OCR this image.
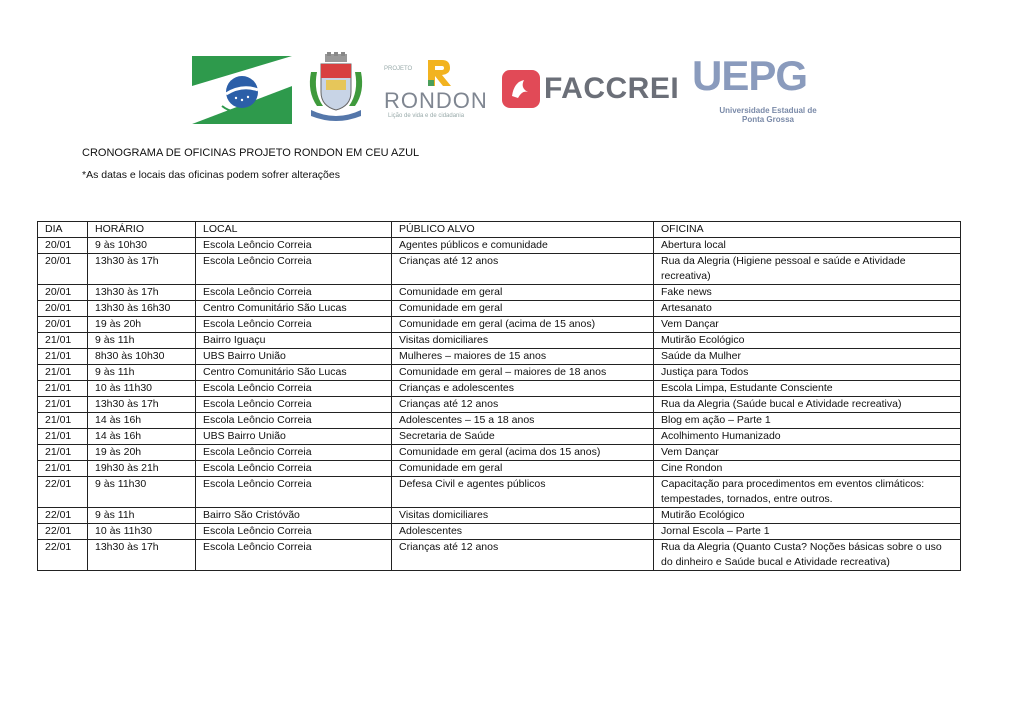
PROJETO
RONDON
Lição de vida e de cidadania
FACCREI UEPG
Universidade Estadual de Ponta Grossa
CRONOGRAMA DE OFICINAS PROJETO RONDON EM CEU AZUL
*As datas e locais das oficinas podem sofrer alterações
DIA	HORÁRIO	LOCAL	PÚBLICO ALVO	OFICINA
20/01	9 às 10h30	Escola Leôncio Correia	Agentes públicos e comunidade	Abertura local
20/01	13h30 às 17h	Escola Leôncio Correia	Crianças até 12 anos	Rua da Alegria (Higiene pessoal e saúde e Atividade recreativa)
20/01	13h30 às 17h	Escola Leôncio Correia	Comunidade em geral	Fake news
20/01	13h30 às 16h30	Centro Comunitário São Lucas	Comunidade em geral	Artesanato
20/01	19 às 20h	Escola Leôncio Correia	Comunidade em geral (acima de 15 anos)	Vem Dançar
21/01	9 às 11h	Bairro Iguaçu	Visitas domiciliares	Mutirão Ecológico
21/01	8h30 às 10h30	UBS Bairro União	Mulheres – maiores de 15 anos	Saúde da Mulher
21/01	9 às 11h	Centro Comunitário São Lucas	Comunidade em geral – maiores de 18 anos	Justiça para Todos
21/01	10 às 11h30	Escola Leôncio Correia	Crianças e adolescentes	Escola Limpa, Estudante Consciente
21/01	13h30 às 17h	Escola Leôncio Correia	Crianças até 12 anos	Rua da Alegria (Saúde bucal e Atividade recreativa)
21/01	14 às 16h	Escola Leôncio Correia	Adolescentes – 15 a 18 anos	Blog em ação – Parte 1
21/01	14 às 16h	UBS Bairro União	Secretaria de Saúde	Acolhimento Humanizado
21/01	19 às 20h	Escola Leôncio Correia	Comunidade em geral (acima dos 15 anos)	Vem Dançar
21/01	19h30 às 21h	Escola Leôncio Correia	Comunidade em geral	Cine Rondon
22/01	9 às 11h30	Escola Leôncio Correia	Defesa Civil e agentes públicos	Capacitação para procedimentos em eventos climáticos: tempestades, tornados, entre outros.
22/01	9 às 11h	Bairro São Cristóvão	Visitas domiciliares	Mutirão Ecológico
22/01	10 às 11h30	Escola Leôncio Correia	Adolescentes	Jornal Escola – Parte 1
22/01	13h30 às 17h	Escola Leôncio Correia	Crianças até 12 anos	Rua da Alegria (Quanto Custa? Noções básicas sobre o uso do dinheiro e Saúde bucal e Atividade recreativa)
